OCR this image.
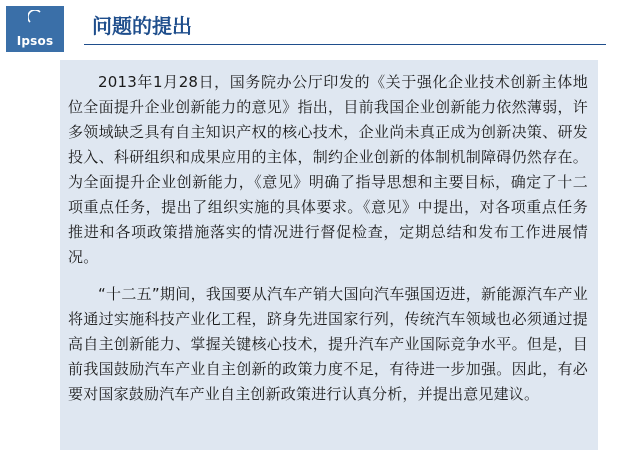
Ipsos
问题的提出

2013年1月28日，国务院办公厅印发的《关于强化企业技术创新主体地位全面提升企业创新能力的意见》指出，目前我国企业创新能力依然薄弱，许多领域缺乏具有自主知识产权的核心技术，企业尚未真正成为创新决策、研发投入、科研组织和成果应用的主体，制约企业创新的体制机制障碍仍然存在。为全面提升企业创新能力，《意见》明确了指导思想和主要目标，确定了十二项重点任务，提出了组织实施的具体要求。《意见》中提出，对各项重点任务推进和各项政策措施落实的情况进行督促检查，定期总结和发布工作进展情况。

“十二五”期间，我国要从汽车产销大国向汽车强国迈进，新能源汽车产业将通过实施科技产业化工程，跻身先进国家行列，传统汽车领域也必须通过提高自主创新能力、掌握关键核心技术，提升汽车产业国际竞争水平。但是，目前我国鼓励汽车产业自主创新的政策力度不足，有待进一步加强。因此，有必要对国家鼓励汽车产业自主创新政策进行认真分析，并提出意见建议。
